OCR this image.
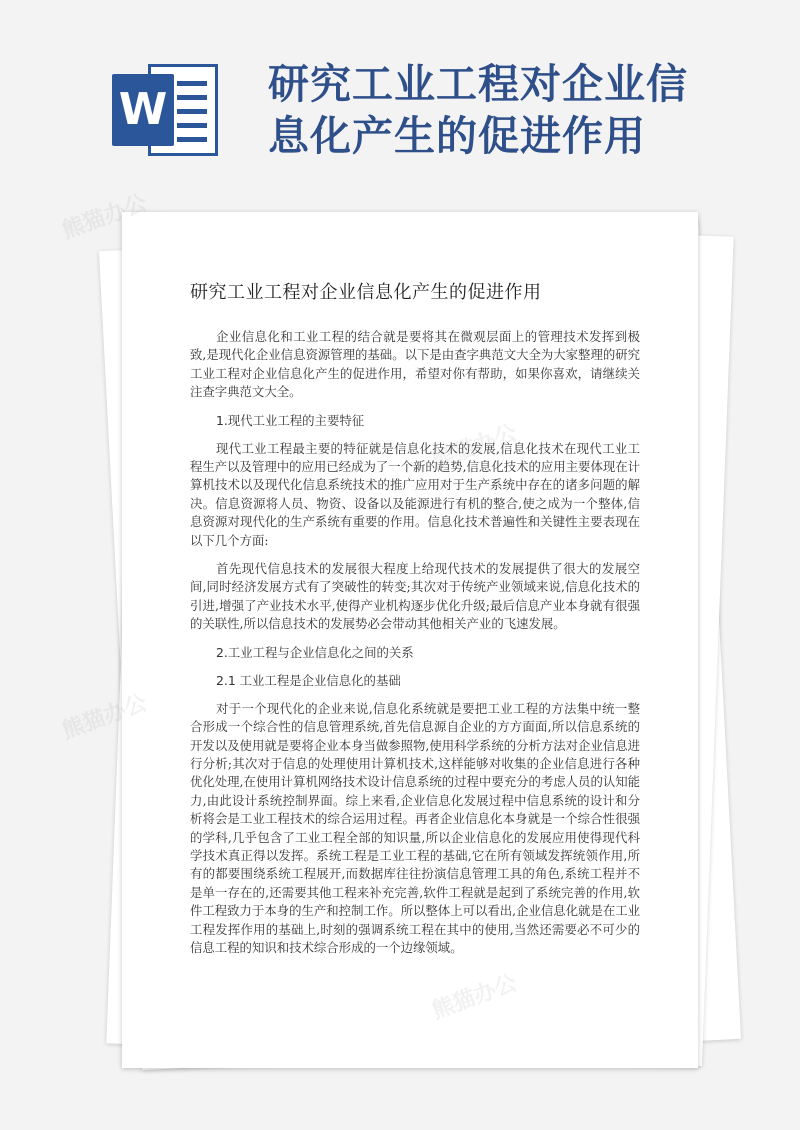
W 研究工业工程对企业信息化产生的促进作用
研究工业工程对企业信息化产生的促进作用

企业信息化和工业工程的结合就是要将其在微观层面上的管理技术发挥到极致,是现代化企业信息资源管理的基础。以下是由查字典范文大全为大家整理的研究工业工程对企业信息化产生的促进作用，希望对你有帮助，如果你喜欢，请继续关注查字典范文大全。

1.现代工业工程的主要特征

现代工业工程最主要的特征就是信息化技术的发展,信息化技术在现代工业工程生产以及管理中的应用已经成为了一个新的趋势,信息化技术的应用主要体现在计算机技术以及现代化信息系统技术的推广应用对于生产系统中存在的诸多问题的解决。信息资源将人员、物资、设备以及能源进行有机的整合,使之成为一个整体,信息资源对现代化的生产系统有重要的作用。信息化技术普遍性和关键性主要表现在以下几个方面:

首先现代信息技术的发展很大程度上给现代技术的发展提供了很大的发展空间,同时经济发展方式有了突破性的转变;其次对于传统产业领域来说,信息化技术的引进,增强了产业技术水平,使得产业机构逐步优化升级;最后信息产业本身就有很强的关联性,所以信息技术的发展势必会带动其他相关产业的飞速发展。

2.工业工程与企业信息化之间的关系
2.1 工业工程是企业信息化的基础

对于一个现代化的企业来说,信息化系统就是要把工业工程的方法集中统一整合形成一个综合性的信息管理系统,首先信息源自企业的方方面面,所以信息系统的开发以及使用就是要将企业本身当做参照物,使用科学系统的分析方法对企业信息进行分析;其次对于信息的处理使用计算机技术,这样能够对收集的企业信息进行各种优化处理,在使用计算机网络技术设计信息系统的过程中要充分的考虑人员的认知能力,由此设计系统控制界面。综上来看,企业信息化发展过程中信息系统的设计和分析将会是工业工程技术的综合运用过程。再者企业信息化本身就是一个综合性很强的学科,几乎包含了工业工程全部的知识量,所以企业信息化的发展应用使得现代科学技术真正得以发挥。系统工程是工业工程的基础,它在所有领域发挥统领作用,所有的都要围绕系统工程展开,而数据库往往扮演信息管理工具的角色,系统工程并不是单一存在的,还需要其他工程来补充完善,软件工程就是起到了系统完善的作用,软件工程致力于本身的生产和控制工作。所以整体上可以看出,企业信息化就是在工业工程发挥作用的基础上,时刻的强调系统工程在其中的使用,当然还需要必不可少的信息工程的知识和技术综合形成的一个边缘领域。

熊猫办公
熊猫办公
